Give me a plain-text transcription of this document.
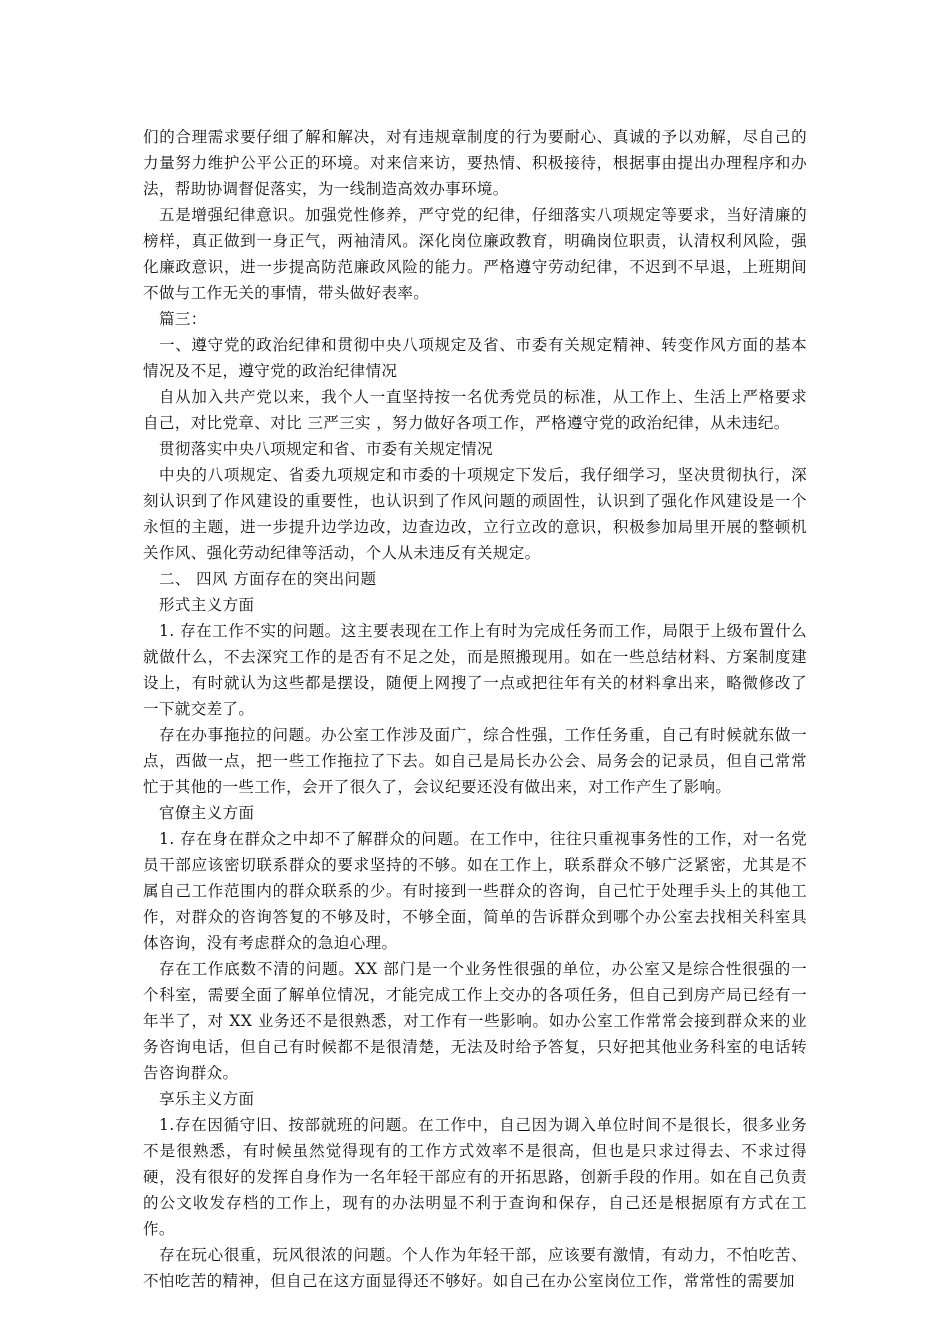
们的合理需求要仔细了解和解决，对有违规章制度的行为要耐心、真诚的予以劝解，尽自己的力量努力维护公平公正的环境。对来信来访，要热情、积极接待，根据事由提出办理程序和办法，帮助协调督促落实，为一线制造高效办事环境。

五是增强纪律意识。加强党性修养，严守党的纪律，仔细落实八项规定等要求，当好清廉的榜样，真正做到一身正气，两袖清风。深化岗位廉政教育，明确岗位职责，认清权利风险，强化廉政意识，进一步提高防范廉政风险的能力。严格遵守劳动纪律，不迟到不早退，上班期间不做与工作无关的事情，带头做好表率。

篇三：

一、遵守党的政治纪律和贯彻中央八项规定及省、市委有关规定精神、转变作风方面的基本情况及不足，遵守党的政治纪律情况

自从加入共产党以来，我个人一直坚持按一名优秀党员的标准，从工作上、生活上严格要求自己，对比党章、对比 三严三实 ，努力做好各项工作，严格遵守党的政治纪律，从未违纪。

贯彻落实中央八项规定和省、市委有关规定情况

中央的八项规定、省委九项规定和市委的十项规定下发后，我仔细学习，坚决贯彻执行，深刻认识到了作风建设的重要性，也认识到了作风问题的顽固性，认识到了强化作风建设是一个永恒的主题，进一步提升边学边改，边查边改，立行立改的意识，积极参加局里开展的整顿机关作风、强化劳动纪律等活动，个人从未违反有关规定。

二、 四风 方面存在的突出问题

形式主义方面

1. 存在工作不实的问题。这主要表现在工作上有时为完成任务而工作，局限于上级布置什么就做什么，不去深究工作的是否有不足之处，而是照搬现用。如在一些总结材料、方案制度建设上，有时就认为这些都是摆设，随便上网搜了一点或把往年有关的材料拿出来，略微修改了一下就交差了。

存在办事拖拉的问题。办公室工作涉及面广，综合性强，工作任务重，自己有时候就东做一点，西做一点，把一些工作拖拉了下去。如自己是局长办公会、局务会的记录员，但自己常常忙于其他的一些工作，会开了很久了，会议纪要还没有做出来，对工作产生了影响。

官僚主义方面

1. 存在身在群众之中却不了解群众的问题。在工作中，往往只重视事务性的工作，对一名党员干部应该密切联系群众的要求坚持的不够。如在工作上，联系群众不够广泛紧密，尤其是不属自己工作范围内的群众联系的少。有时接到一些群众的咨询，自己忙于处理手头上的其他工作，对群众的咨询答复的不够及时，不够全面，简单的告诉群众到哪个办公室去找相关科室具体咨询，没有考虑群众的急迫心理。

存在工作底数不清的问题。XX 部门是一个业务性很强的单位，办公室又是综合性很强的一个科室，需要全面了解单位情况，才能完成工作上交办的各项任务，但自己到房产局已经有一年半了，对 XX 业务还不是很熟悉，对工作有一些影响。如办公室工作常常会接到群众来的业务咨询电话，但自己有时候都不是很清楚，无法及时给予答复，只好把其他业务科室的电话转告咨询群众。

享乐主义方面

1.存在因循守旧、按部就班的问题。在工作中，自己因为调入单位时间不是很长，很多业务不是很熟悉，有时候虽然觉得现有的工作方式效率不是很高，但也是只求过得去、不求过得硬，没有很好的发挥自身作为一名年轻干部应有的开拓思路，创新手段的作用。如在自己负责的公文收发存档的工作上，现有的办法明显不利于查询和保存，自己还是根据原有方式在工作。

存在玩心很重，玩风很浓的问题。个人作为年轻干部，应该要有激情，有动力，不怕吃苦、不怕吃苦的精神，但自己在这方面显得还不够好。如自己在办公室岗位工作，常常性的需要加
